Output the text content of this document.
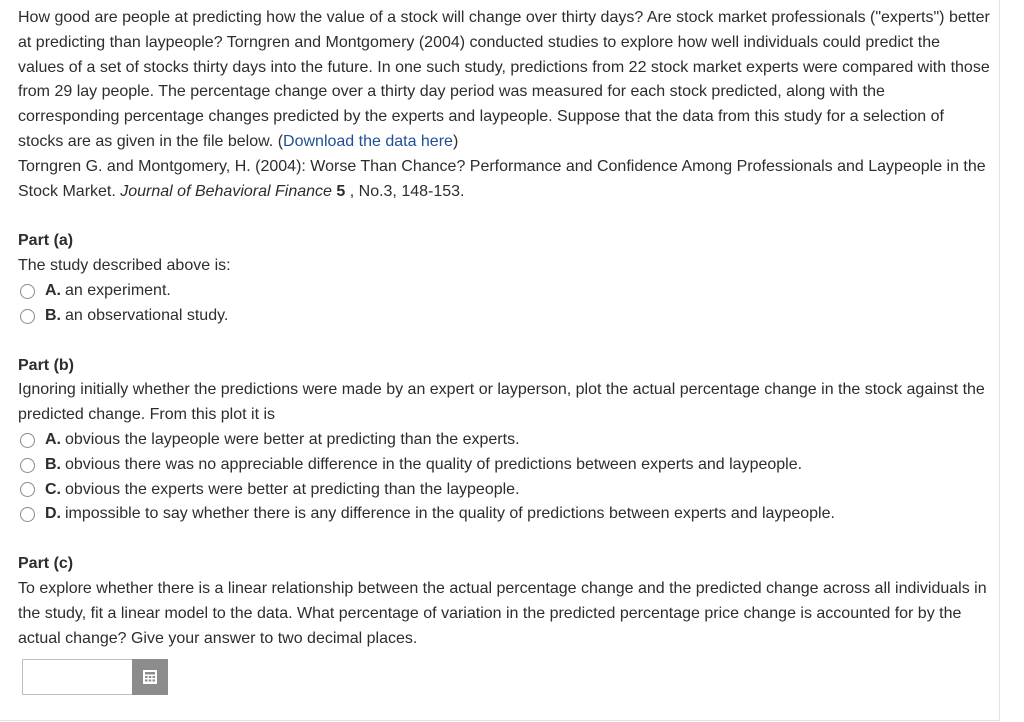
How good are people at predicting how the value of a stock will change over thirty days? Are stock market professionals ("experts") better at predicting than laypeople? Torngren and Montgomery (2004) conducted studies to explore how well individuals could predict the values of a set of stocks thirty days into the future. In one such study, predictions from 22 stock market experts were compared with those from 29 lay people. The percentage change over a thirty day period was measured for each stock predicted, along with the corresponding percentage changes predicted by the experts and laypeople. Suppose that the data from this study for a selection of stocks are as given in the file below. (Download the data here)

Torngren G. and Montgomery, H. (2004): Worse Than Chance? Performance and Confidence Among Professionals and Laypeople in the Stock Market. Journal of Behavioral Finance 5 , No.3, 148-153.

Part (a)

The study described above is:

A. an experiment.
B. an observational study.

Part (b)

Ignoring initially whether the predictions were made by an expert or layperson, plot the actual percentage change in the stock against the predicted change. From this plot it is

A. obvious the laypeople were better at predicting than the experts.
B. obvious there was no appreciable difference in the quality of predictions between experts and laypeople.
C. obvious the experts were better at predicting than the laypeople.
D. impossible to say whether there is any difference in the quality of predictions between experts and laypeople.

Part (c)

To explore whether there is a linear relationship between the actual percentage change and the predicted change across all individuals in the study, fit a linear model to the data. What percentage of variation in the predicted percentage price change is accounted for by the actual change? Give your answer to two decimal places.
